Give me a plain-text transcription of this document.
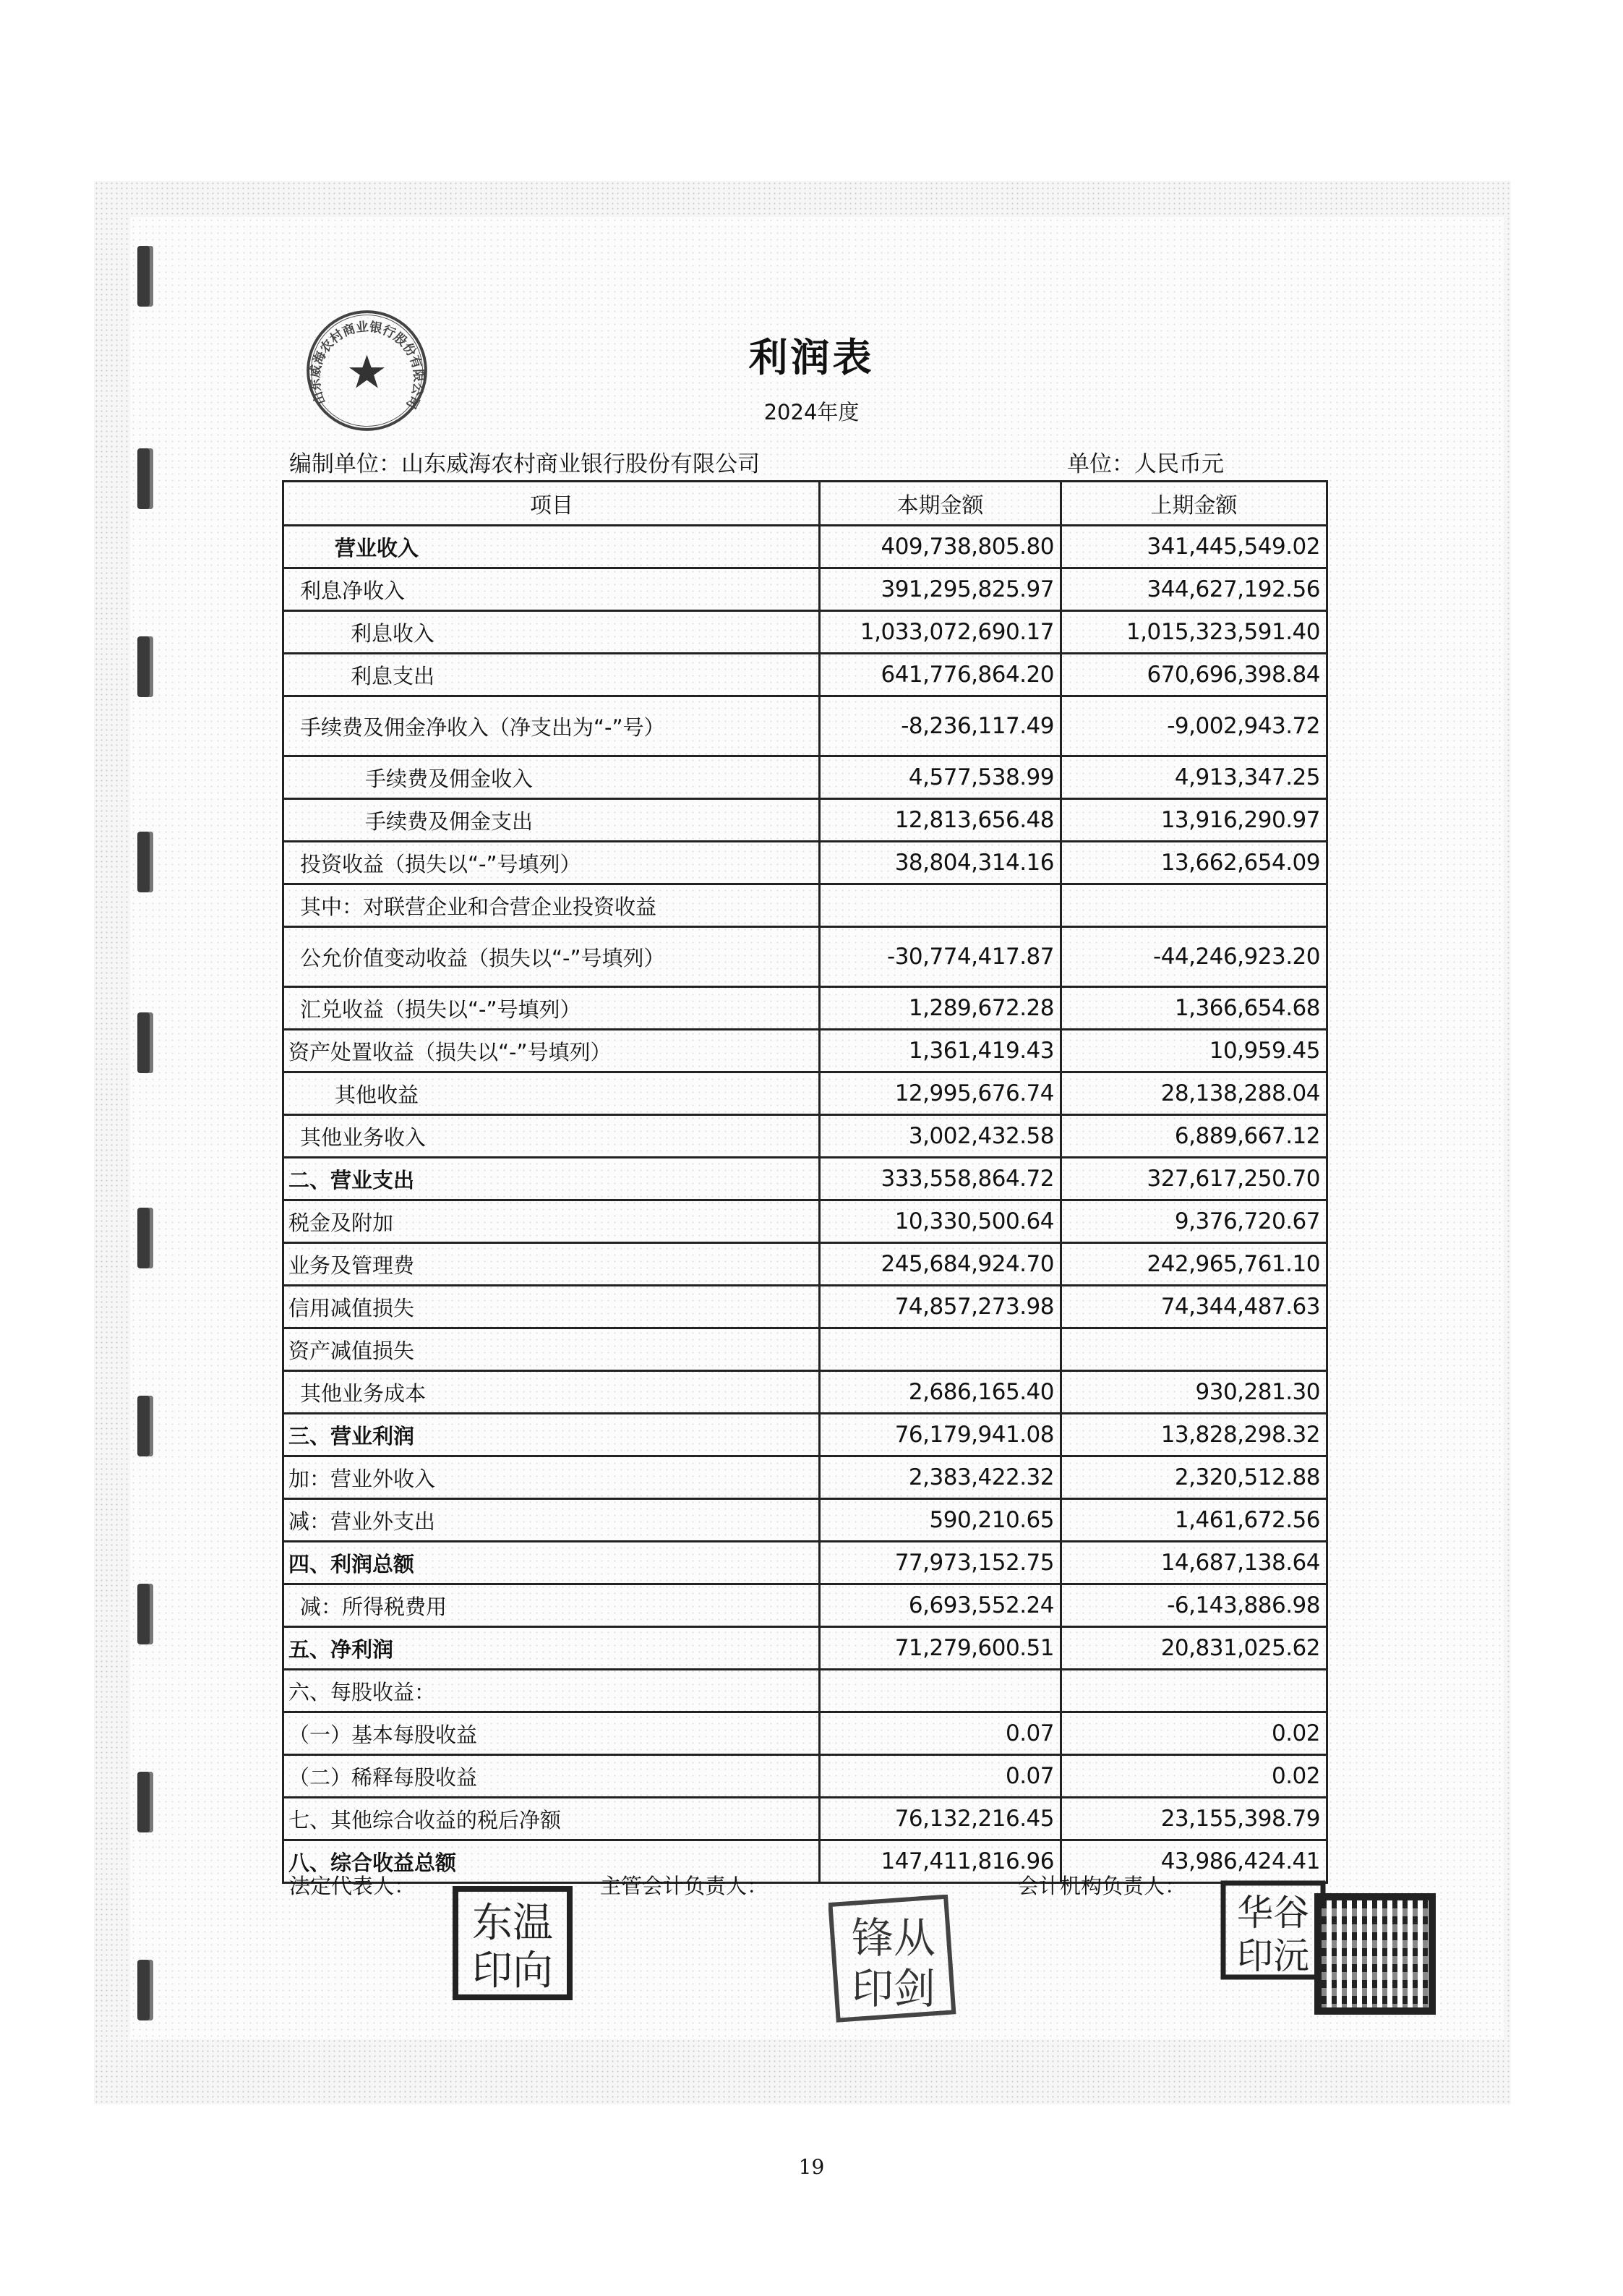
利润表
2024年度
编制单位：山东威海农村商业银行股份有限公司	单位：人民币元
项目	本期金额	上期金额
营业收入	409,738,805.80	341,445,549.02
利息净收入	391,295,825.97	344,627,192.56
利息收入	1,033,072,690.17	1,015,323,591.40
利息支出	641,776,864.20	670,696,398.84
手续费及佣金净收入（净支出为“-”号）	-8,236,117.49	-9,002,943.72
手续费及佣金收入	4,577,538.99	4,913,347.25
手续费及佣金支出	12,813,656.48	13,916,290.97
投资收益（损失以“-”号填列）	38,804,314.16	13,662,654.09
其中：对联营企业和合营企业投资收益		
公允价值变动收益（损失以“-”号填列）	-30,774,417.87	-44,246,923.20
汇兑收益（损失以“-”号填列）	1,289,672.28	1,366,654.68
资产处置收益（损失以“-”号填列）	1,361,419.43	10,959.45
其他收益	12,995,676.74	28,138,288.04
其他业务收入	3,002,432.58	6,889,667.12
二、营业支出	333,558,864.72	327,617,250.70
税金及附加	10,330,500.64	9,376,720.67
业务及管理费	245,684,924.70	242,965,761.10
信用减值损失	74,857,273.98	74,344,487.63
资产减值损失		
其他业务成本	2,686,165.40	930,281.30
三、营业利润	76,179,941.08	13,828,298.32
加：营业外收入	2,383,422.32	2,320,512.88
减：营业外支出	590,210.65	1,461,672.56
四、利润总额	77,973,152.75	14,687,138.64
减：所得税费用	6,693,552.24	-6,143,886.98
五、净利润	71,279,600.51	20,831,025.62
六、每股收益：		
（一）基本每股收益	0.07	0.02
（二）稀释每股收益	0.07	0.02
七、其他综合收益的税后净额	76,132,216.45	23,155,398.79
八、综合收益总额	147,411,816.96	43,986,424.41
山东威海农村商业银行股份有限公司
法定代表人：	主管会计负责人：	会计机构负责人：
东温
印向
锋从
印剑
华谷
印沅
19
